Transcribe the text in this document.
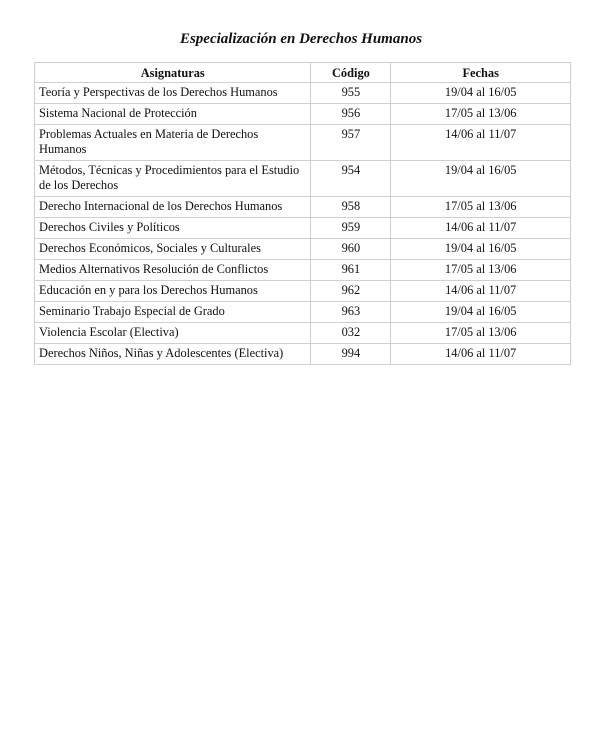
Especialización en Derechos Humanos
Asignaturas	Código	Fechas
Teoría y Perspectivas de los Derechos Humanos	955	19/04 al 16/05
Sistema Nacional de Protección	956	17/05 al 13/06
Problemas Actuales en Materia de Derechos Humanos	957	14/06 al 11/07
Métodos, Técnicas y Procedimientos para el Estudio de los Derechos	954	19/04 al 16/05
Derecho Internacional de los Derechos Humanos	958	17/05 al 13/06
Derechos Civiles y Políticos	959	14/06 al 11/07
Derechos Económicos, Sociales y Culturales	960	19/04 al 16/05
Medios Alternativos Resolución de Conflictos	961	17/05 al 13/06
Educación en y para los Derechos Humanos	962	14/06 al 11/07
Seminario Trabajo Especial de Grado	963	19/04 al 16/05
Violencia Escolar (Electiva)	032	17/05 al 13/06
Derechos Niños, Niñas y Adolescentes (Electiva)	994	14/06 al 11/07
